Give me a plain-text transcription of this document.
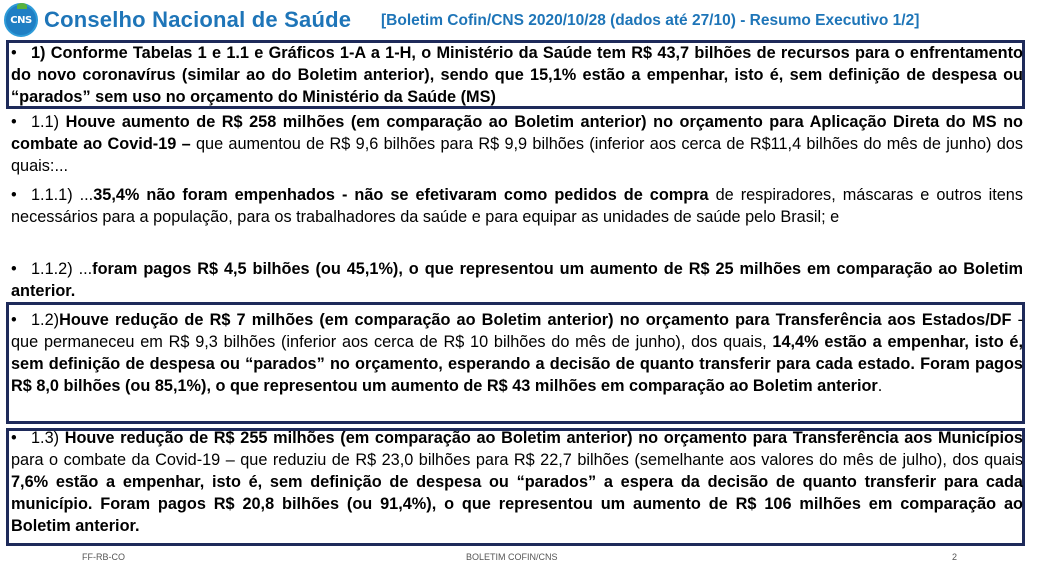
CNS Conselho Nacional de Saúde [Boletim Cofin/CNS 2020/10/28 (dados até 27/10) - Resumo Executivo 1/2]
• 1) Conforme Tabelas 1 e 1.1 e Gráficos 1-A a 1-H, o Ministério da Saúde tem R$ 43,7 bilhões de recursos para o enfrentamento do novo coronavírus (similar ao do Boletim anterior), sendo que 15,1% estão a empenhar, isto é, sem definição de despesa ou “parados” sem uso no orçamento do Ministério da Saúde (MS)
• 1.1) Houve aumento de R$ 258 milhões (em comparação ao Boletim anterior) no orçamento para Aplicação Direta do MS no combate ao Covid-19 – que aumentou de R$ 9,6 bilhões para R$ 9,9 bilhões (inferior aos cerca de R$11,4 bilhões do mês de junho) dos quais:...
• 1.1.1) ...35,4% não foram empenhados - não se efetivaram como pedidos de compra de respiradores, máscaras e outros itens necessários para a população, para os trabalhadores da saúde e para equipar as unidades de saúde pelo Brasil; e
• 1.1.2) ...foram pagos R$ 4,5 bilhões (ou 45,1%), o que representou um aumento de R$ 25 milhões em comparação ao Boletim anterior.
• 1.2)Houve redução de R$ 7 milhões (em comparação ao Boletim anterior) no orçamento para Transferência aos Estados/DF - que permaneceu em R$ 9,3 bilhões (inferior aos cerca de R$ 10 bilhões do mês de junho), dos quais, 14,4% estão a empenhar, isto é, sem definição de despesa ou “parados” no orçamento, esperando a decisão de quanto transferir para cada estado. Foram pagos R$ 8,0 bilhões (ou 85,1%), o que representou um aumento de R$ 43 milhões em comparação ao Boletim anterior.
• 1.3) Houve redução de R$ 255 milhões (em comparação ao Boletim anterior) no orçamento para Transferência aos Municípios para o combate da Covid-19 – que reduziu de R$ 23,0 bilhões para R$ 22,7 bilhões (semelhante aos valores do mês de julho), dos quais 7,6% estão a empenhar, isto é, sem definição de despesa ou “parados” a espera da decisão de quanto transferir para cada município. Foram pagos R$ 20,8 bilhões (ou 91,4%), o que representou um aumento de R$ 106 milhões em comparação ao Boletim anterior.
FF-RB-CO	BOLETIM COFIN/CNS	2
